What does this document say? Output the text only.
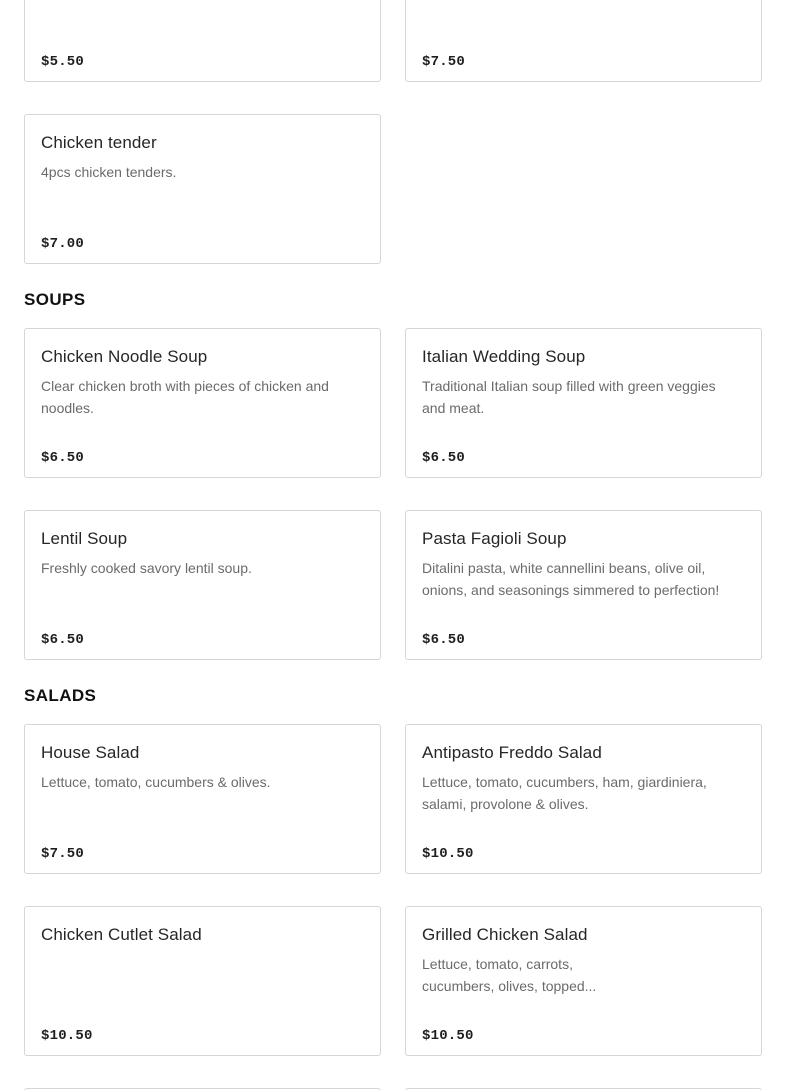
$5.50	$7.50
Chicken tender
4pcs chicken tenders.
$7.00
SOUPS
Chicken Noodle Soup
Clear chicken broth with pieces of chicken and noodles.
$6.50
Italian Wedding Soup
Traditional Italian soup filled with green veggies and meat.
$6.50
Lentil Soup
Freshly cooked savory lentil soup.
$6.50
Pasta Fagioli Soup
Ditalini pasta, white cannellini beans, olive oil, onions, and seasonings simmered to perfection!
$6.50
SALADS
House Salad
Lettuce, tomato, cucumbers & olives.
$7.50
Antipasto Freddo Salad
Lettuce, tomato, cucumbers, ham, giardiniera, salami, provolone & olives.
$10.50
Chicken Cutlet Salad
$10.50
Grilled Chicken Salad
Lettuce, tomato, carrots, cucumbers, olives, topped...
$10.50
